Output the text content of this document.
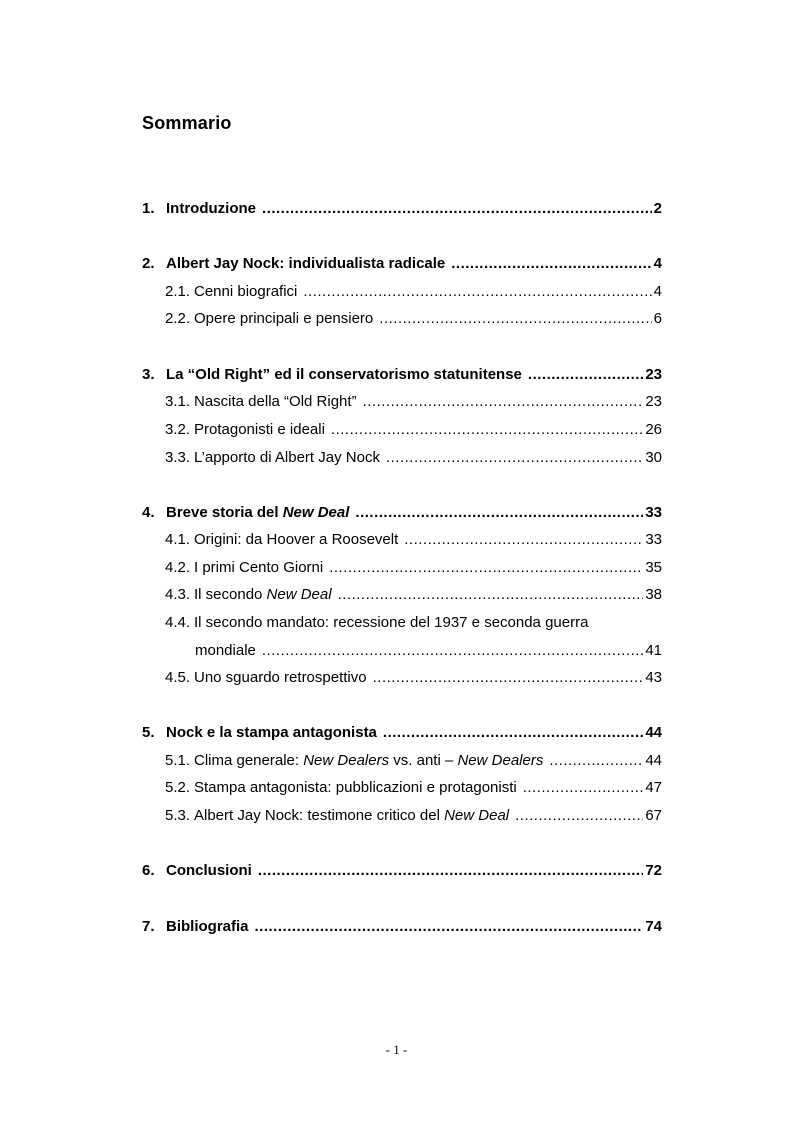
Sommario
1. Introduzione .....	2
2. Albert Jay Nock: individualista radicale .....	4
2.1. Cenni biografici .....	4
2.2. Opere principali e pensiero .....	6
3. La “Old Right” ed il conservatorismo statunitense .....	23
3.1. Nascita della “Old Right” .....	23
3.2. Protagonisti e ideali .....	26
3.3. L’apporto di Albert Jay Nock .....	30
4. Breve storia del New Deal .....	33
4.1. Origini: da Hoover a Roosevelt .....	33
4.2. I primi Cento Giorni .....	35
4.3. Il secondo New Deal .....	38
4.4. Il secondo mandato: recessione del 1937 e seconda guerra
mondiale .....	41
4.5. Uno sguardo retrospettivo .....	43
5. Nock e la stampa antagonista .....	44
5.1. Clima generale: New Dealers vs. anti – New Dealers .....	44
5.2. Stampa antagonista: pubblicazioni e protagonisti .....	47
5.3. Albert Jay Nock: testimone critico del New Deal .....	67
6. Conclusioni .....	72
7. Bibliografia .....	74
- 1 -
